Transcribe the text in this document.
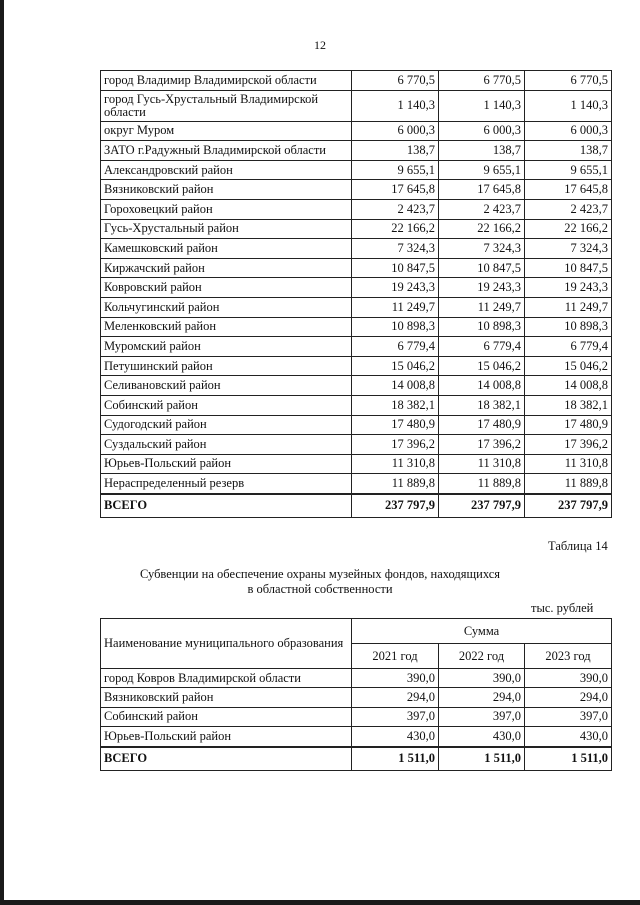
12
город Владимир Владимирской области	6 770,5	6 770,5	6 770,5
город Гусь-Хрустальный Владимирской области	1 140,3	1 140,3	1 140,3
округ Муром	6 000,3	6 000,3	6 000,3
ЗАТО г.Радужный Владимирской области	138,7	138,7	138,7
Александровский район	9 655,1	9 655,1	9 655,1
Вязниковский район	17 645,8	17 645,8	17 645,8
Гороховецкий район	2 423,7	2 423,7	2 423,7
Гусь-Хрустальный район	22 166,2	22 166,2	22 166,2
Камешковский район	7 324,3	7 324,3	7 324,3
Киржачский район	10 847,5	10 847,5	10 847,5
Ковровский район	19 243,3	19 243,3	19 243,3
Кольчугинский район	11 249,7	11 249,7	11 249,7
Меленковский район	10 898,3	10 898,3	10 898,3
Муромский район	6 779,4	6 779,4	6 779,4
Петушинский район	15 046,2	15 046,2	15 046,2
Селивановский район	14 008,8	14 008,8	14 008,8
Собинский район	18 382,1	18 382,1	18 382,1
Судогодский район	17 480,9	17 480,9	17 480,9
Суздальский район	17 396,2	17 396,2	17 396,2
Юрьев-Польский район	11 310,8	11 310,8	11 310,8
Нераспределенный резерв	11 889,8	11 889,8	11 889,8
ВСЕГО	237 797,9	237 797,9	237 797,9
Таблица 14
Субвенции на обеспечение охраны музейных фондов, находящихся
в областной собственности
тыс. рублей
Наименование муниципального образования	Сумма		
	2021 год	2022 год	2023 год
город Ковров Владимирской области	390,0	390,0	390,0
Вязниковский район	294,0	294,0	294,0
Собинский район	397,0	397,0	397,0
Юрьев-Польский район	430,0	430,0	430,0
ВСЕГО	1 511,0	1 511,0	1 511,0
